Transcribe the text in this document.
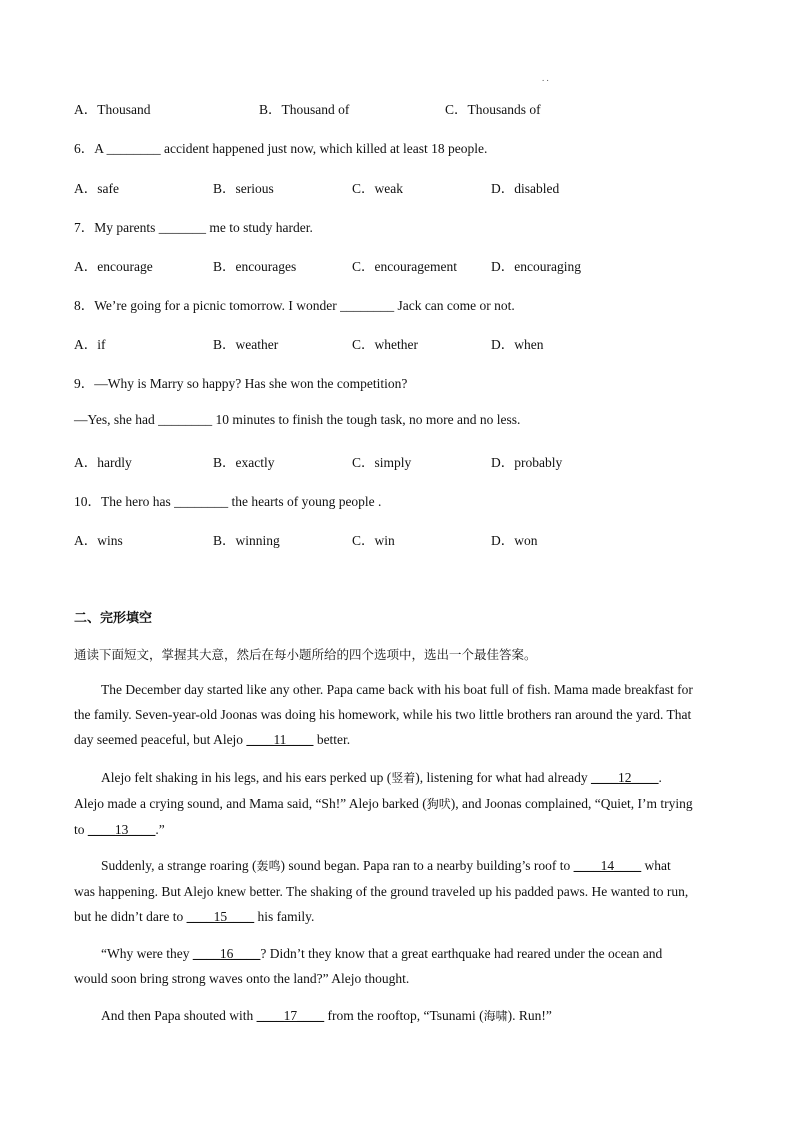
. .
A．Thousand	B．Thousand of	C．Thousands of
6．A ________ accident happened just now, which killed at least 18 people.
A．safe	B．serious	C．weak	D．disabled
7．My parents _______ me to study harder.
A．encourage	B．encourages	C．encouragement	D．encouraging
8．We’re going for a picnic tomorrow. I wonder ________ Jack can come or not.
A．if	B．weather	C．whether	D．when
9．—Why is Marry so happy? Has she won the competition?
—Yes, she had ________ 10 minutes to finish the tough task, no more and no less.
A．hardly	B．exactly	C．simply	D．probably
10．The hero has ________ the hearts of young people .
A．wins	B．winning	C．win	D．won
二、完形填空
通读下面短文，掌握其大意，然后在每小题所给的四个选项中，选出一个最佳答案。
The December day started like any other. Papa came back with his boat full of fish. Mama made breakfast for
the family. Seven-year-old Joonas was doing his homework, while his two little brothers ran around the yard. That
day seemed peaceful, but Alejo ____11____ better.
Alejo felt shaking in his legs, and his ears perked up (竖着), listening for what had already ____12____.
Alejo made a crying sound, and Mama said, “Sh!” Alejo barked (狗吠), and Joonas complained, “Quiet, I’m trying
to ____13____.”
Suddenly, a strange roaring (轰鸣) sound began. Papa ran to a nearby building’s roof to ____14____ what
was happening. But Alejo knew better. The shaking of the ground traveled up his padded paws. He wanted to run,
but he didn’t dare to ____15____ his family.
“Why were they ____16____? Didn’t they know that a great earthquake had reared under the ocean and
would soon bring strong waves onto the land?” Alejo thought.
And then Papa shouted with ____17____ from the rooftop, “Tsunami (海啸). Run!”
